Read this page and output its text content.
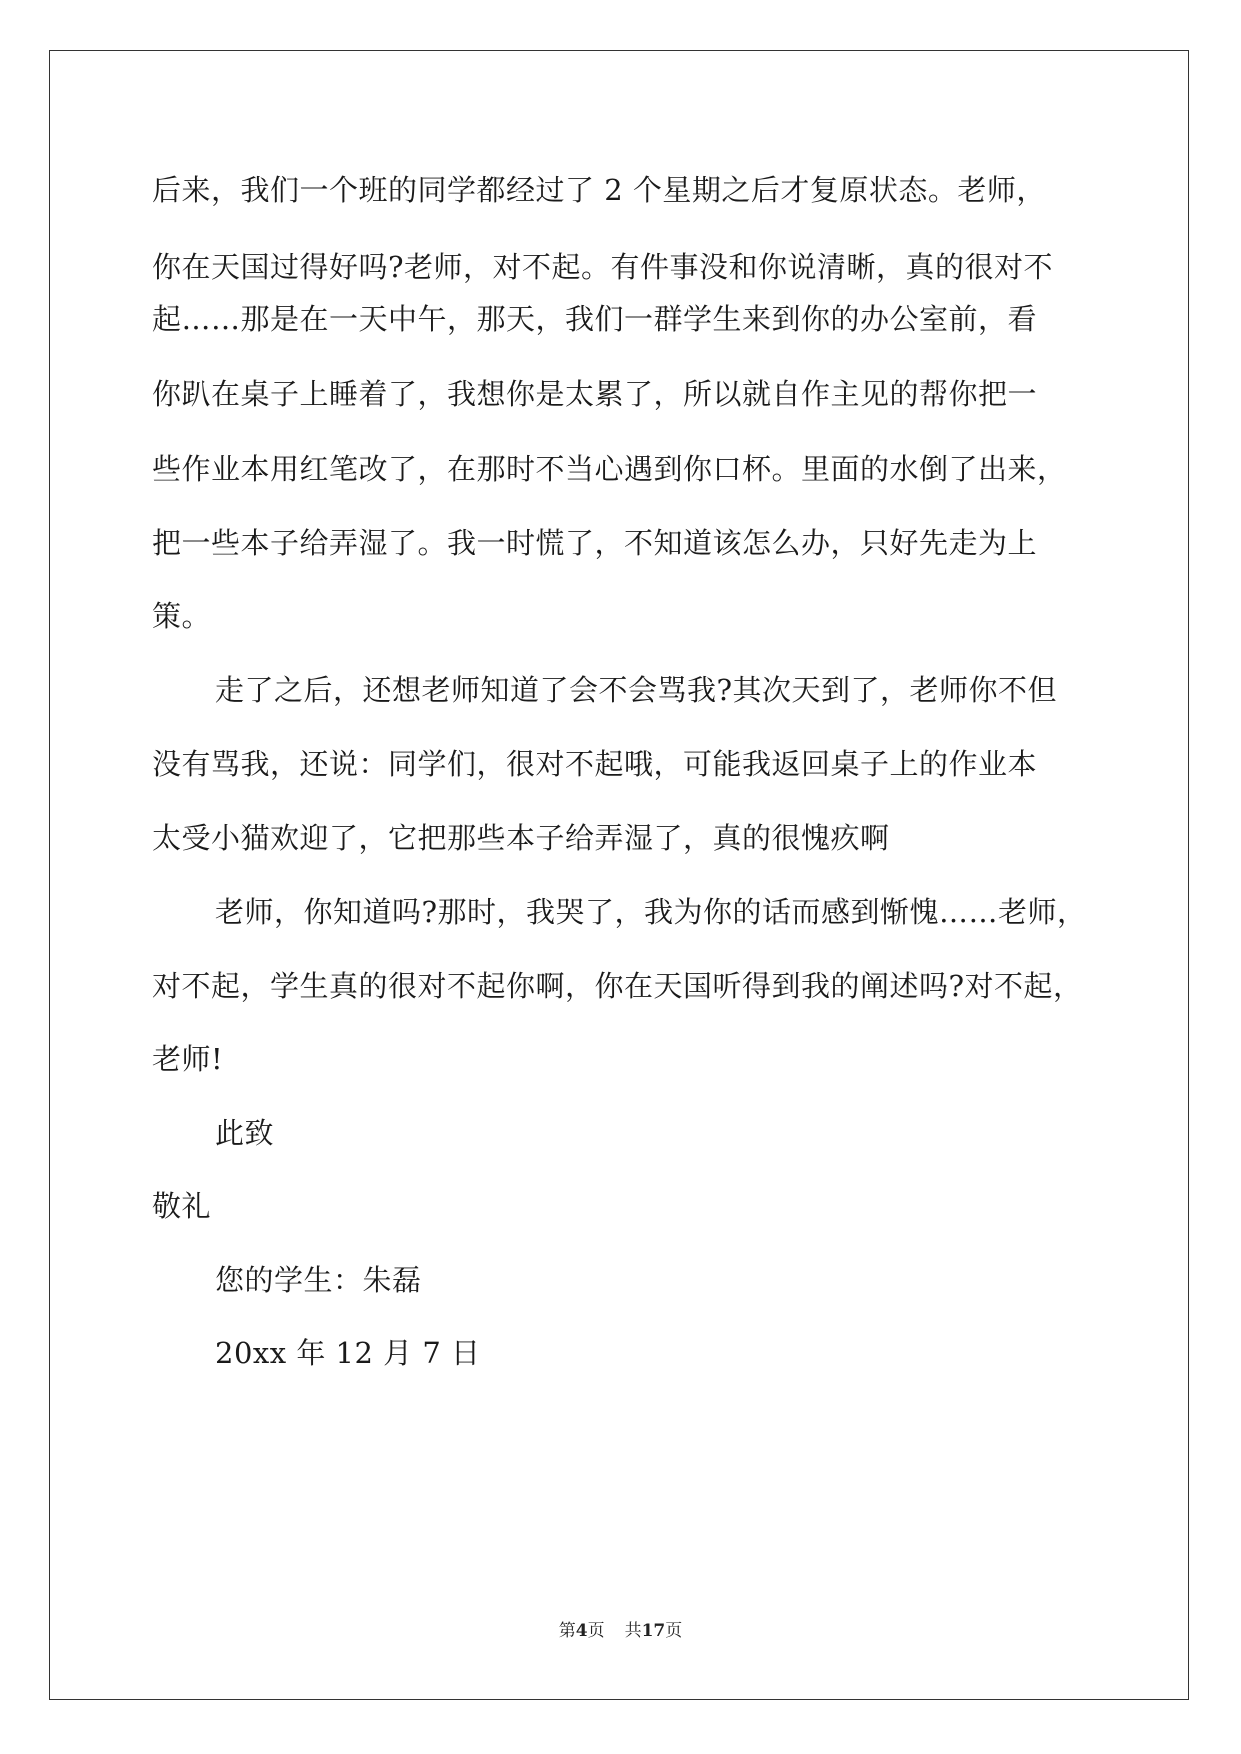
后来，我们一个班的同学都经过了 2 个星期之后才复原状态。老师，
你在天国过得好吗?老师，对不起。有件事没和你说清晰，真的很对不
起……那是在一天中午，那天，我们一群学生来到你的办公室前，看
你趴在桌子上睡着了，我想你是太累了，所以就自作主见的帮你把一
些作业本用红笔改了，在那时不当心遇到你口杯。里面的水倒了出来，
把一些本子给弄湿了。我一时慌了，不知道该怎么办，只好先走为上
策。
走了之后，还想老师知道了会不会骂我?其次天到了，老师你不但
没有骂我，还说：同学们，很对不起哦，可能我返回桌子上的作业本
太受小猫欢迎了，它把那些本子给弄湿了，真的很愧疚啊
老师，你知道吗?那时，我哭了，我为你的话而感到惭愧……老师，
对不起，学生真的很对不起你啊，你在天国听得到我的阐述吗?对不起，
老师!
此致
敬礼
您的学生：朱磊
20xx 年 12 月 7 日
第4页 共17页
